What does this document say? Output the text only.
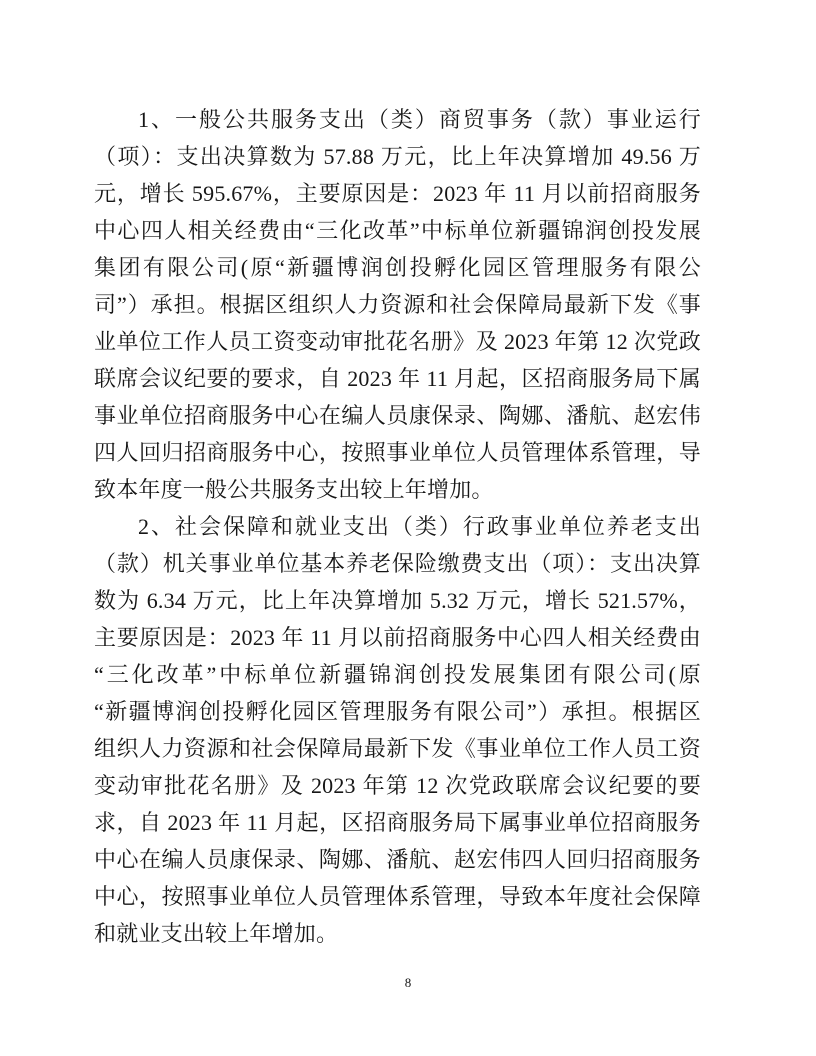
1、一般公共服务支出（类）商贸事务（款）事业运行
（项）：支出决算数为 57.88 万元，比上年决算增加 49.56 万
元，增长 595.67%，主要原因是：2023 年 11 月以前招商服务
中心四人相关经费由“三化改革”中标单位新疆锦润创投发展
集团有限公司(原“新疆博润创投孵化园区管理服务有限公
司”）承担。根据区组织人力资源和社会保障局最新下发《事
业单位工作人员工资变动审批花名册》及 2023 年第 12 次党政
联席会议纪要的要求，自 2023 年 11 月起，区招商服务局下属
事业单位招商服务中心在编人员康保录、陶娜、潘航、赵宏伟
四人回归招商服务中心，按照事业单位人员管理体系管理，导
致本年度一般公共服务支出较上年增加。
2、社会保障和就业支出（类）行政事业单位养老支出
（款）机关事业单位基本养老保险缴费支出（项）：支出决算
数为 6.34 万元，比上年决算增加 5.32 万元，增长 521.57%，
主要原因是：2023 年 11 月以前招商服务中心四人相关经费由
“三化改革”中标单位新疆锦润创投发展集团有限公司(原
“新疆博润创投孵化园区管理服务有限公司”）承担。根据区
组织人力资源和社会保障局最新下发《事业单位工作人员工资
变动审批花名册》及 2023 年第 12 次党政联席会议纪要的要
求，自 2023 年 11 月起，区招商服务局下属事业单位招商服务
中心在编人员康保录、陶娜、潘航、赵宏伟四人回归招商服务
中心，按照事业单位人员管理体系管理，导致本年度社会保障
和就业支出较上年增加。
8
